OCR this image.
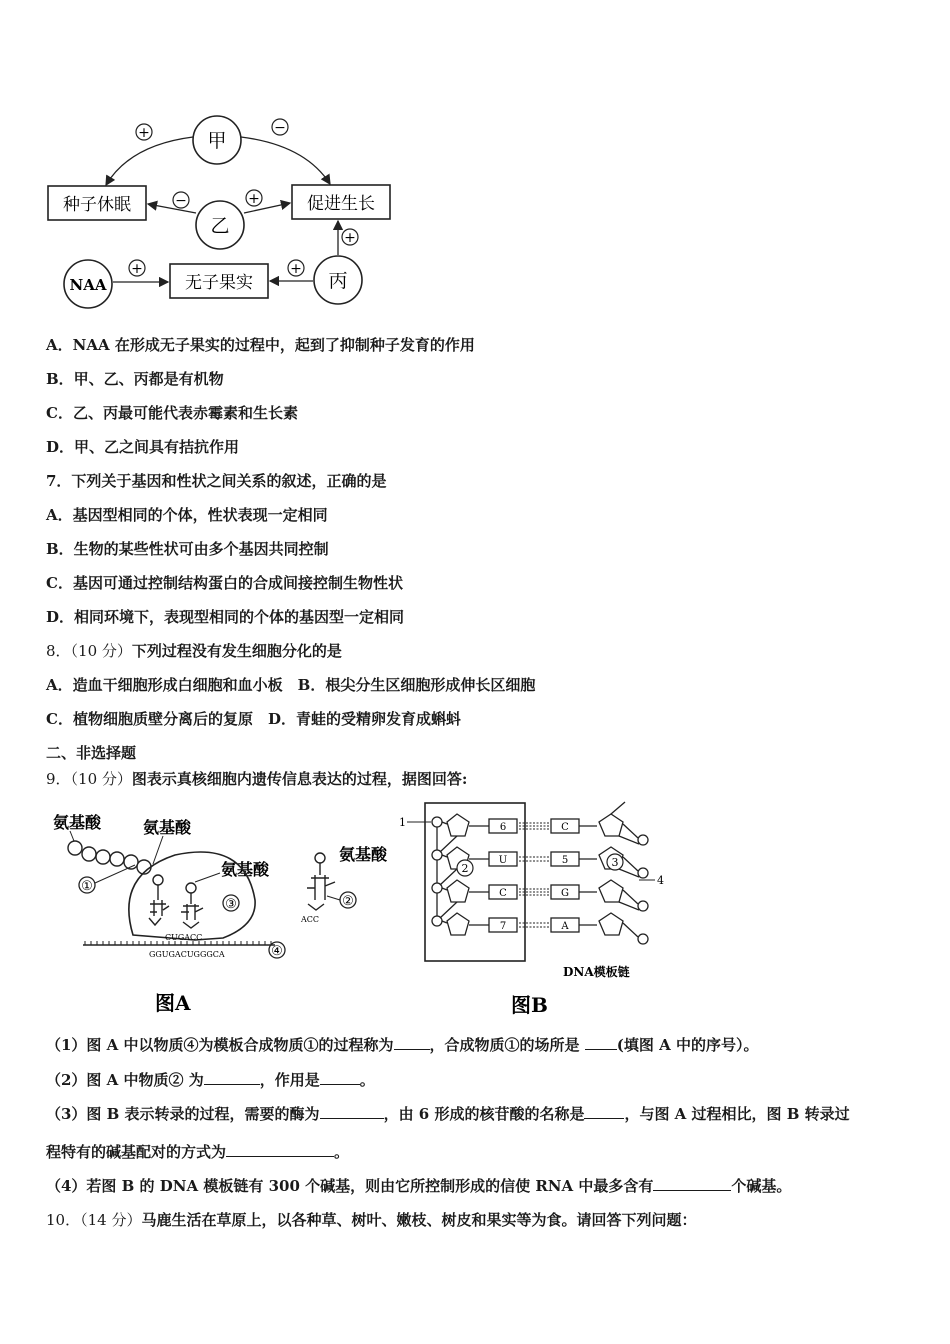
甲
乙
丙
NAA
种子休眠	促进生长
无子果实
+	−
−	+
+
+	+
A．NAA 在形成无子果实的过程中，起到了抑制种子发育的作用
B．甲、乙、丙都是有机物
C．乙、丙最可能代表赤霉素和生长素
D．甲、乙之间具有拮抗作用
7．下列关于基因和性状之间关系的叙述，正确的是
A．基因型相同的个体，性状表现一定相同
B．生物的某些性状可由多个基因共同控制
C．基因可通过控制结构蛋白的合成间接控制生物性状
D．相同环境下，表现型相同的个体的基因型一定相同
8．（10 分）下列过程没有发生细胞分化的是
A．造血干细胞形成白细胞和血小板　B．根尖分生区细胞形成伸长区细胞
C．植物细胞质壁分离后的复原　D．青蛙的受精卵发育成蝌蚪
二、非选择题
9．（10 分）图表示真核细胞内遗传信息表达的过程，据图回答:
氨基酸	氨基酸
氨基酸
①
③
CUGACC
GGUGACUGGGCA	④
氨基酸
ACC
②
图A
1	6
U
C
7
C
5
G
A
2	3
4
DNA模板链
图B
（1）图 A 中以物质④为模板合成物质①的过程称为 ，合成物质①的场所是 (填图 A 中的序号）。
（2）图 A 中物质② 为	，作用是	。
（3）图 B 表示转录的过程，需要的酶为	，由 6 形成的核苷酸的名称是	，与图 A 过程相比，图 B 转录过
程特有的碱基配对的方式为	。
（4）若图 B 的 DNA 模板链有 300 个碱基，则由它所控制形成的信使 RNA 中最多含有	个碱基。
10．（14 分）马鹿生活在草原上，以各种草、树叶、嫩枝、树皮和果实等为食。请回答下列问题：
